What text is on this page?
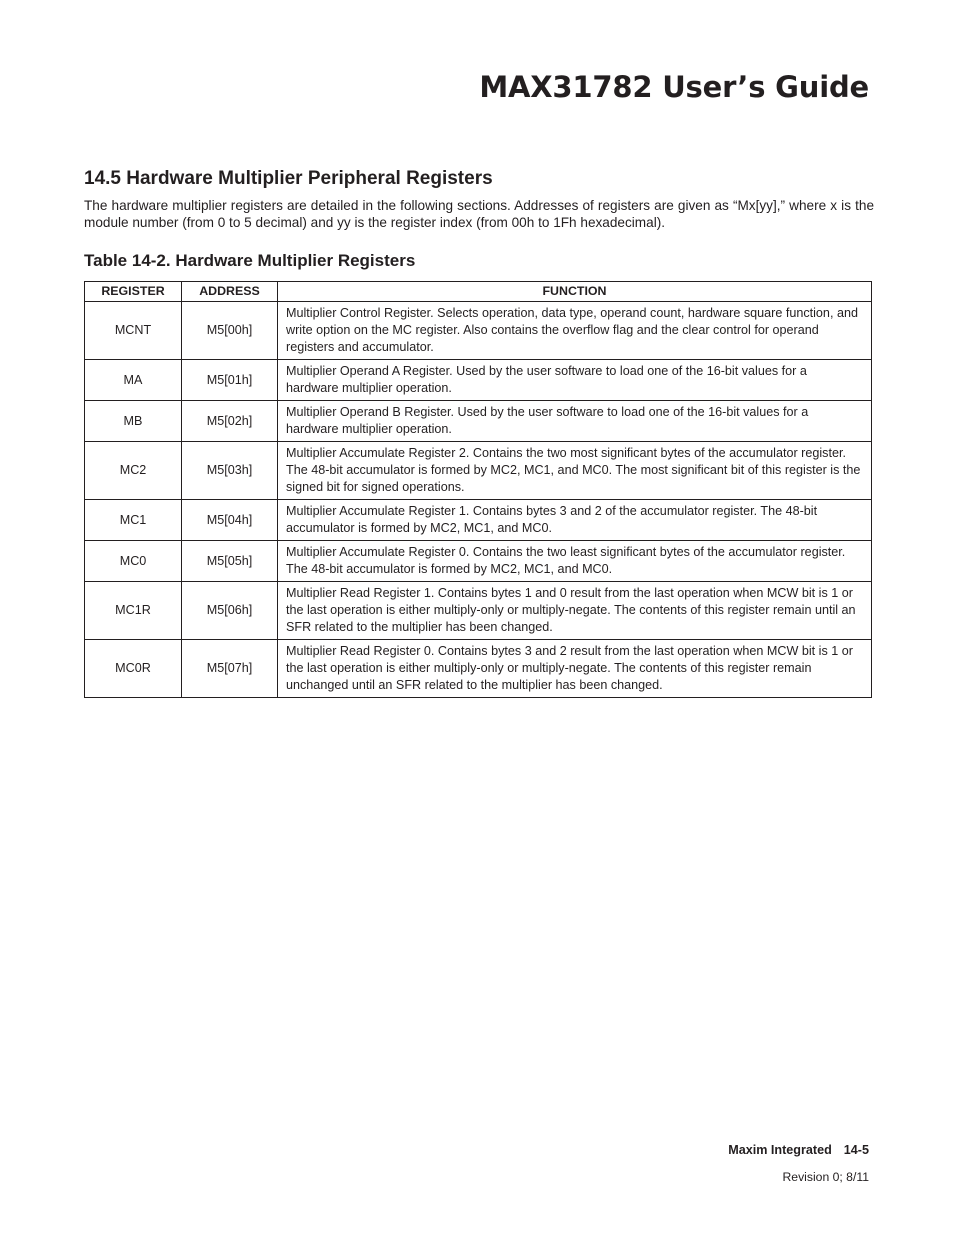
MAX31782 User’s Guide
14.5 Hardware Multiplier Peripheral Registers

The hardware multiplier registers are detailed in the following sections. Addresses of registers are given as “Mx[yy],” where x is the module number (from 0 to 5 decimal) and yy is the register index (from 00h to 1Fh hexadecimal).

Table 14-2. Hardware Multiplier Registers
REGISTER	ADDRESS	FUNCTION
MCNT	M5[00h]	Multiplier Control Register. Selects operation, data type, operand count, hardware square function, and write option on the MC register. Also contains the overflow flag and the clear control for operand registers and accumulator.
MA	M5[01h]	Multiplier Operand A Register. Used by the user software to load one of the 16-bit values for a hardware multiplier operation.
MB	M5[02h]	Multiplier Operand B Register. Used by the user software to load one of the 16-bit values for a hardware multiplier operation.
MC2	M5[03h]	Multiplier Accumulate Register 2. Contains the two most significant bytes of the accumulator register. The 48-bit accumulator is formed by MC2, MC1, and MC0. The most significant bit of this register is the signed bit for signed operations.
MC1	M5[04h]	Multiplier Accumulate Register 1. Contains bytes 3 and 2 of the accumulator register. The 48-bit accumulator is formed by MC2, MC1, and MC0.
MC0	M5[05h]	Multiplier Accumulate Register 0. Contains the two least significant bytes of the accumulator register. The 48-bit accumulator is formed by MC2, MC1, and MC0.
MC1R	M5[06h]	Multiplier Read Register 1. Contains bytes 1 and 0 result from the last operation when MCW bit is 1 or the last operation is either multiply-only or multiply-negate. The contents of this register remain until an SFR related to the multiplier has been changed.
MC0R	M5[07h]	Multiplier Read Register 0. Contains bytes 3 and 2 result from the last operation when MCW bit is 1 or the last operation is either multiply-only or multiply-negate. The contents of this register remain unchanged until an SFR related to the multiplier has been changed.

Maxim Integrated 14-5

Revision 0; 8/11
